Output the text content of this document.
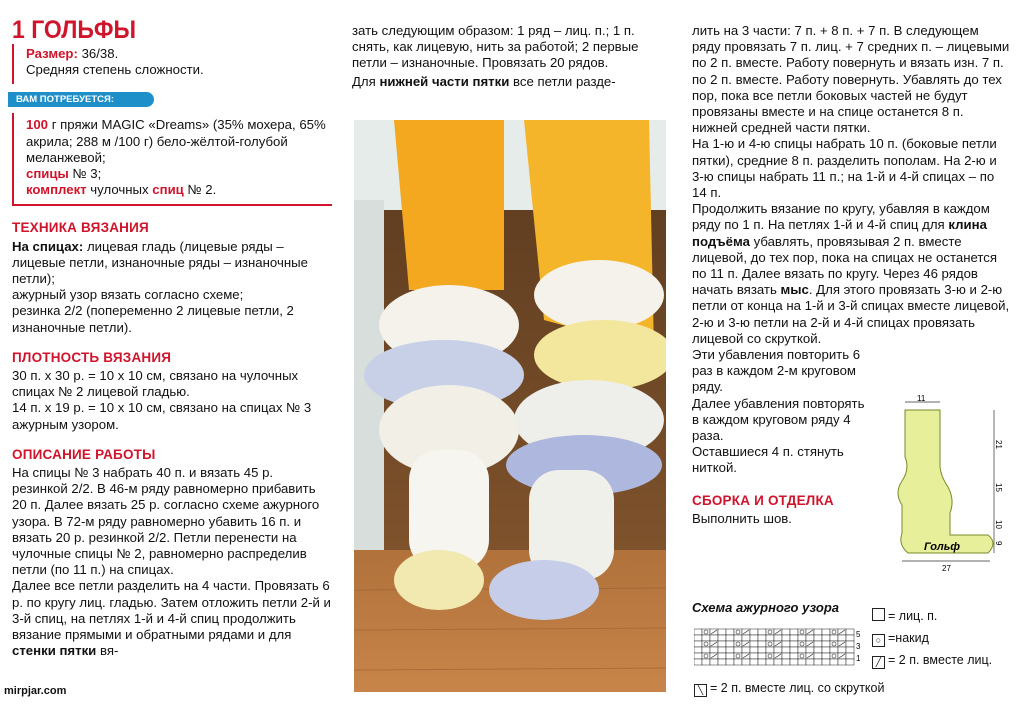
1 ГОЛЬФЫ

Размер: 36/38.

Средняя степень сложности.

ВАМ ПОТРЕБУЕТСЯ:

100 г пряжи MAGIC «Dreams» (35% мохера, 65% акрила; 288 м /100 г) бело-жёлтой-голубой меланжевой;

спицы № 3;

комплект чулочных спиц № 2.

ТЕХНИКА ВЯЗАНИЯ

На спицах: лицевая гладь (лицевые ряды – лицевые петли, изнаночные ряды – изнаночные петли);

ажурный узор вязать согласно схеме;

резинка 2/2 (попеременно 2 лицевые петли, 2 изнаночные петли).

ПЛОТНОСТЬ ВЯЗАНИЯ

30 п. х 30 р. = 10 х 10 см, связано на чулочных спицах № 2 лицевой гладью.

14 п. х 19 р. = 10 х 10 см, связано на спицах № 3 ажурным узором.

ОПИСАНИЕ РАБОТЫ

На спицы № 3 набрать 40 п. и вязать 45 р. резинкой 2/2. В 46-м ряду равномерно прибавить 20 п. Далее вязать 25 р. согласно схеме ажурного узора. В 72-м ряду равномерно убавить 16 п. и вязать 20 р. резинкой 2/2. Петли перенести на чулочные спицы № 2, равномерно распределив петли (по 11 п.) на спицах.

Далее все петли разделить на 4 части. Провязать 6 р. по кругу лиц. гладью. Затем отложить петли 2-й и 3-й спиц, на петлях 1-й и 4-й спиц продолжить вязание прямыми и обратными рядами и для стенки пятки вя-

зать следующим образом: 1 ряд – лиц. п.; 1 п. снять, как лицевую, нить за работой; 2 первые петли – изнаночные. Провязать 20 рядов.

Для нижней части пятки все петли разде-

лить на 3 части: 7 п. + 8 п. + 7 п. В следующем ряду провязать 7 п. лиц. + 7 средних п. – лицевыми по 2 п. вместе. Работу повернуть и вязать изн. 7 п. по 2 п. вместе. Работу повернуть. Убавлять до тех пор, пока все петли боковых частей не будут провязаны вместе и на спице останется 8 п. нижней средней части пятки.

На 1-ю и 4-ю спицы набрать 10 п. (боковые петли пятки), средние 8 п. разделить пополам. На 2-ю и 3-ю спицы набрать 11 п.; на 1-й и 4-й спицах – по 14 п.

Продолжить вязание по кругу, убавляя в каждом ряду по 1 п. На петлях 1-й и 4-й спиц для клина подъёма убавлять, провязывая 2 п. вместе лицевой, до тех пор, пока на спицах не останется по 11 п. Далее вязать по кругу. Через 46 рядов начать вязать мыс. Для этого провязать 3-ю и 2-ю петли от конца на 1-й и 3-й спицах вместе лицевой, 2-ю и 3-ю петли на 2-й и 4-й спицах провязать лицевой со скруткой.

Эти убавления повторить 6 раз в каждом 2-м круговом ряду.

Далее убавления повторять в каждом круговом ряду 4 раза.

Оставшиеся 4 п. стянуть ниткой.

СБОРКА И ОТДЕЛКА

Выполнить шов.

11
21
15
10
9
Гольф
27
Схема ажурного узора
5
3
1
= лиц. п.
○ =накид
╱ = 2 п. вместе лиц.
╲ = 2 п. вместе лиц. со скруткой
mirpjar.com
